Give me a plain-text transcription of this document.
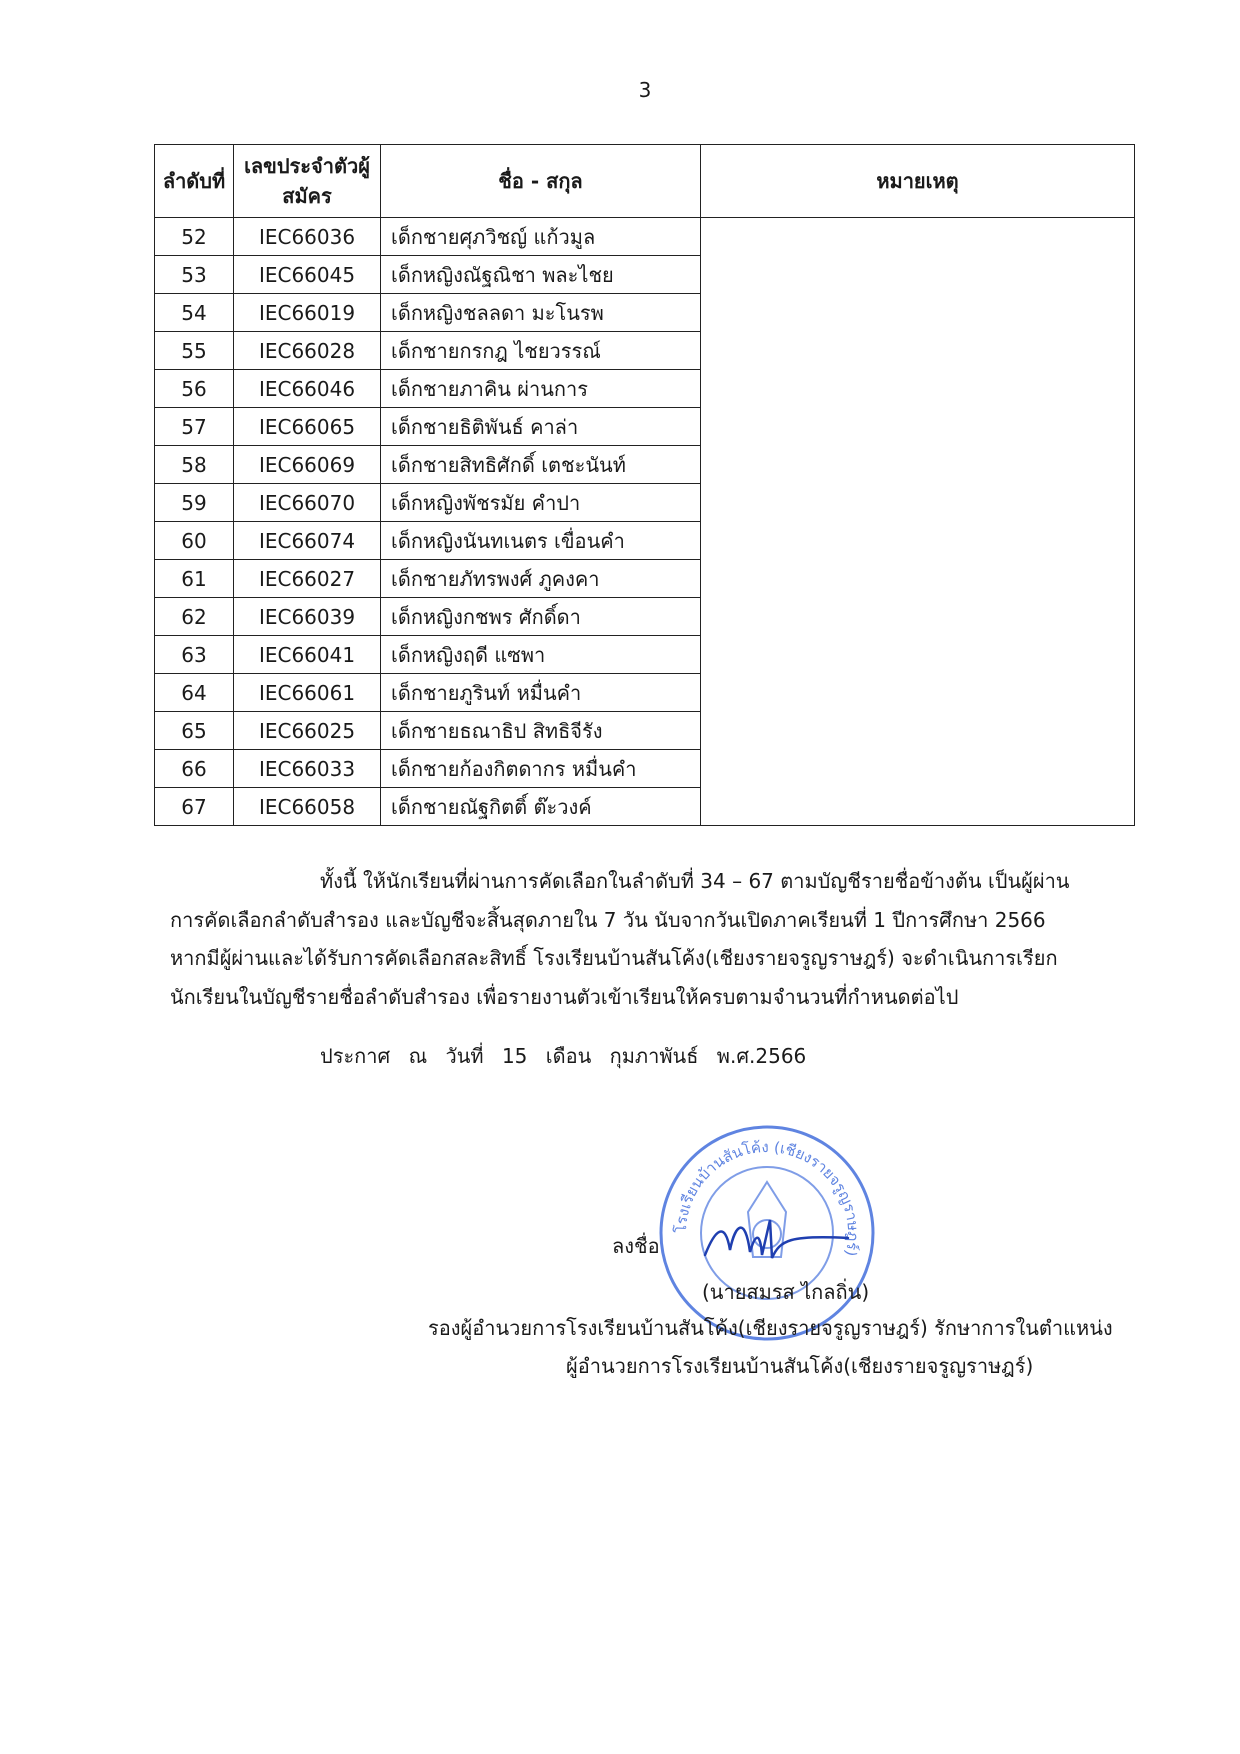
3
ลำดับที่	เลขประจำตัวผู้สมัคร	ชื่อ - สกุล	หมายเหตุ
52	IEC66036	เด็กชายศุภวิชญ์ แก้วมูล	
53	IEC66045	เด็กหญิงณัฐณิชา พละไชย	
54	IEC66019	เด็กหญิงชลลดา มะโนรพ	
55	IEC66028	เด็กชายกรกฎ ไชยวรรณ์	
56	IEC66046	เด็กชายภาคิน ผ่านการ	
57	IEC66065	เด็กชายธิติพันธ์ คาล่า	
58	IEC66069	เด็กชายสิทธิศักดิ์ เตชะนันท์	
59	IEC66070	เด็กหญิงพัชรมัย คำปา	
60	IEC66074	เด็กหญิงนันทเนตร เขื่อนคำ	
61	IEC66027	เด็กชายภัทรพงศ์ ภูคงคา	
62	IEC66039	เด็กหญิงกชพร ศักดิ์ดา	
63	IEC66041	เด็กหญิงฤดี แซพา	
64	IEC66061	เด็กชายภูรินท์ หมื่นคำ	
65	IEC66025	เด็กชายธณาธิป สิทธิจีรัง	
66	IEC66033	เด็กชายก้องกิตดากร หมื่นคำ	
67	IEC66058	เด็กชายณัฐกิตติ์ ต๊ะวงค์	
ทั้งนี้ ให้นักเรียนที่ผ่านการคัดเลือกในลำดับที่ 34 – 67 ตามบัญชีรายชื่อข้างต้น เป็นผู้ผ่าน
การคัดเลือกลำดับสำรอง และบัญชีจะสิ้นสุดภายใน 7 วัน นับจากวันเปิดภาคเรียนที่ 1 ปีการศึกษา 2566
หากมีผู้ผ่านและได้รับการคัดเลือกสละสิทธิ์ โรงเรียนบ้านสันโค้ง(เชียงรายจรูญราษฎร์) จะดำเนินการเรียก
นักเรียนในบัญชีรายชื่อลำดับสำรอง เพื่อรายงานตัวเข้าเรียนให้ครบตามจำนวนที่กำหนดต่อไป
ประกาศ ณ วันที่ 15 เดือน กุมภาพันธ์ พ.ศ.2566
โรงเรียนบ้านสันโค้ง (เชียงรายจรูญราษฎร์)
ลงชื่อ
(นายสมรส ไกลถิ่น)
รองผู้อำนวยการโรงเรียนบ้านสันโค้ง(เชียงรายจรูญราษฎร์) รักษาการในตำแหน่ง
ผู้อำนวยการโรงเรียนบ้านสันโค้ง(เชียงรายจรูญราษฎร์)
